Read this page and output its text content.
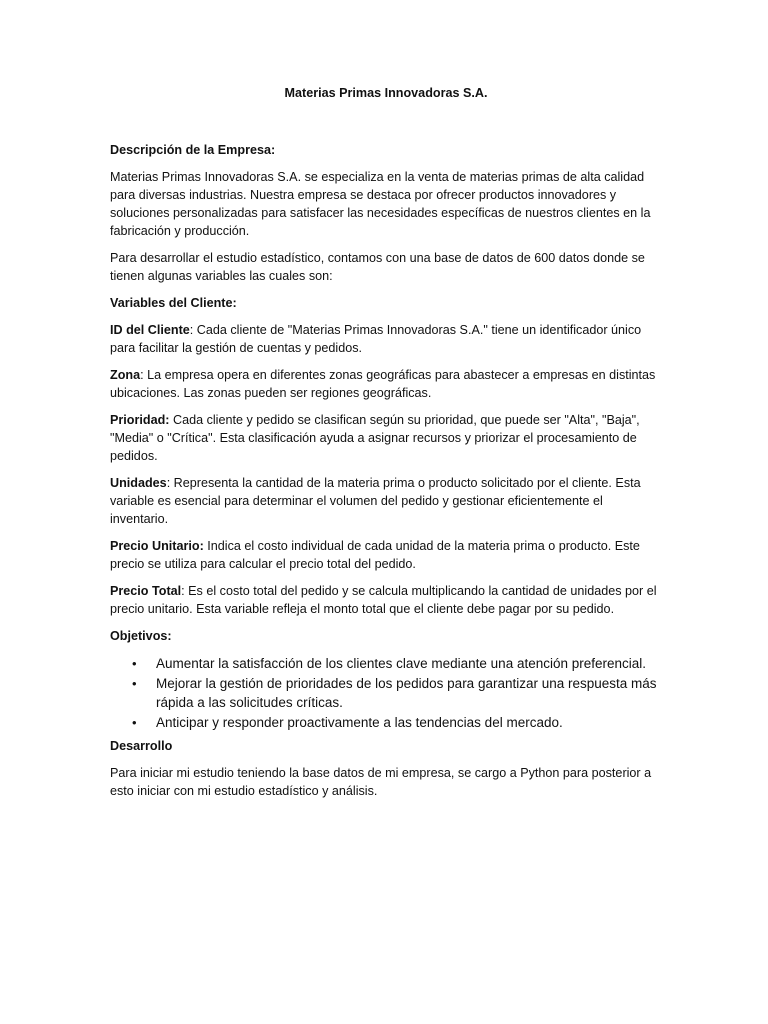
Materias Primas Innovadoras S.A.
Descripción de la Empresa:
Materias Primas Innovadoras S.A. se especializa en la venta de materias primas de alta calidad para diversas industrias. Nuestra empresa se destaca por ofrecer productos innovadores y soluciones personalizadas para satisfacer las necesidades específicas de nuestros clientes en la fabricación y producción.
Para desarrollar el estudio estadístico, contamos con una base de datos de 600 datos donde se tienen algunas variables las cuales son:
Variables del Cliente:
ID del Cliente: Cada cliente de "Materias Primas Innovadoras S.A." tiene un identificador único para facilitar la gestión de cuentas y pedidos.
Zona: La empresa opera en diferentes zonas geográficas para abastecer a empresas en distintas ubicaciones. Las zonas pueden ser regiones geográficas.
Prioridad: Cada cliente y pedido se clasifican según su prioridad, que puede ser "Alta", "Baja", "Media" o "Crítica". Esta clasificación ayuda a asignar recursos y priorizar el procesamiento de pedidos.
Unidades: Representa la cantidad de la materia prima o producto solicitado por el cliente. Esta variable es esencial para determinar el volumen del pedido y gestionar eficientemente el inventario.
Precio Unitario: Indica el costo individual de cada unidad de la materia prima o producto. Este precio se utiliza para calcular el precio total del pedido.
Precio Total: Es el costo total del pedido y se calcula multiplicando la cantidad de unidades por el precio unitario. Esta variable refleja el monto total que el cliente debe pagar por su pedido.
Objetivos:
• Aumentar la satisfacción de los clientes clave mediante una atención preferencial.
• Mejorar la gestión de prioridades de los pedidos para garantizar una respuesta más rápida a las solicitudes críticas.
• Anticipar y responder proactivamente a las tendencias del mercado.
Desarrollo
Para iniciar mi estudio teniendo la base datos de mi empresa, se cargo a Python para posterior a esto iniciar con mi estudio estadístico y análisis.
